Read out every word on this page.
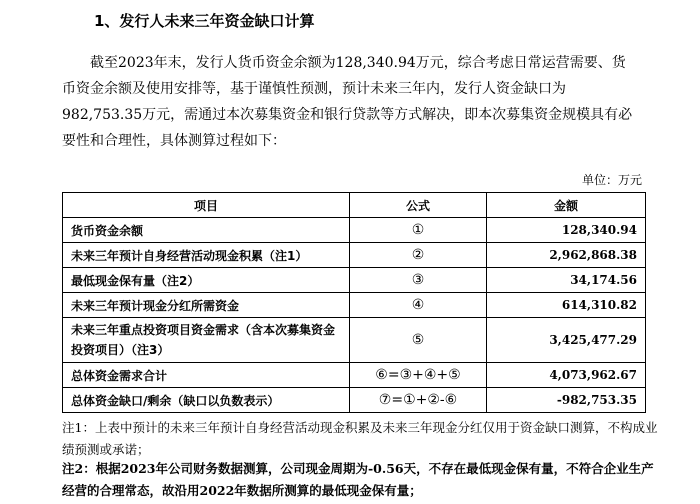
1、发行人未来三年资金缺口计算

截至2023年末，发行人货币资金余额为128,340.94万元，综合考虑日常运营需要、货币资金余额及使用安排等，基于谨慎性预测，预计未来三年内，发行人资金缺口为982,753.35万元，需通过本次募集资金和银行贷款等方式解决，即本次募集资金规模具有必要性和合理性，具体测算过程如下：

单位：万元
项目	公式	金额
货币资金余额	①	128,340.94
未来三年预计自身经营活动现金积累（注1）	②	2,962,868.38
最低现金保有量（注2）	③	34,174.56
未来三年预计现金分红所需资金	④	614,310.82
未来三年重点投资项目资金需求（含本次募集资金投资项目）（注3）	⑤	3,425,477.29
总体资金需求合计	⑥=③+④+⑤	4,073,962.67
总体资金缺口/剩余（缺口以负数表示）	⑦=①+②-⑥	-982,753.35
注1：上表中预计的未来三年预计自身经营活动现金积累及未来三年现金分红仅用于资金缺口测算，不构成业绩预测或承诺；
注2：根据2023年公司财务数据测算，公司现金周期为-0.56天，不存在最低现金保有量，不符合企业生产经营的合理常态，故沿用2022年数据所测算的最低现金保有量；
